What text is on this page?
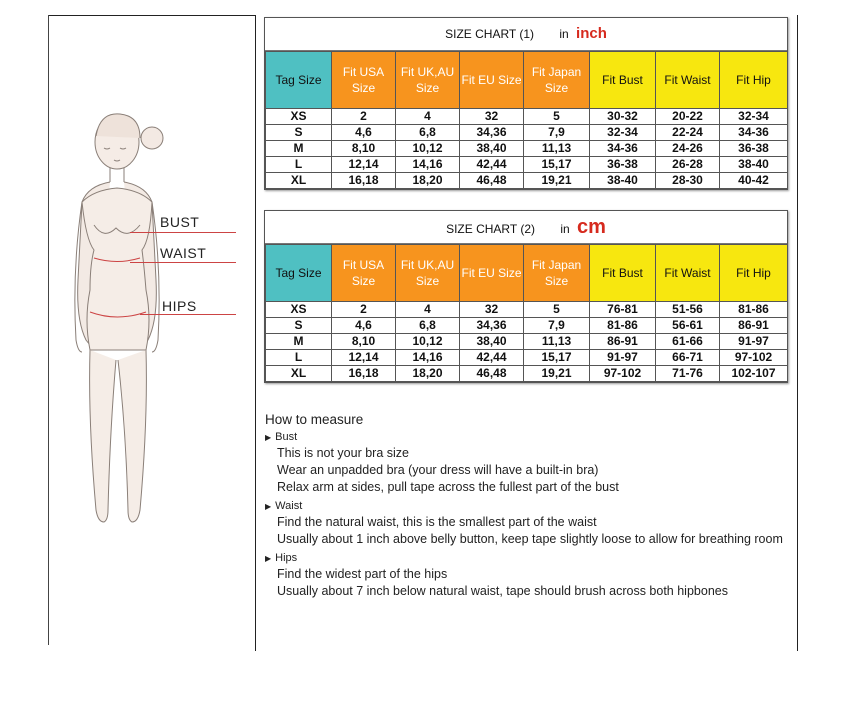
BUST
WAIST
HIPS
SIZE CHART (1) in inch
Tag Size	Fit USA Size	Fit UK,AU Size	Fit EU Size	Fit Japan Size	Fit Bust	Fit Waist	Fit Hip
XS	2	4	32	5	30-32	20-22	32-34
S	4,6	6,8	34,36	7,9	32-34	22-24	34-36
M	8,10	10,12	38,40	11,13	34-36	24-26	36-38
L	12,14	14,16	42,44	15,17	36-38	26-28	38-40
XL	16,18	18,20	46,48	19,21	38-40	28-30	40-42
SIZE CHART (2) in cm
Tag Size	Fit USA Size	Fit UK,AU Size	Fit EU Size	Fit Japan Size	Fit Bust	Fit Waist	Fit Hip
XS	2	4	32	5	76-81	51-56	81-86
S	4,6	6,8	34,36	7,9	81-86	56-61	86-91
M	8,10	10,12	38,40	11,13	86-91	61-66	91-97
L	12,14	14,16	42,44	15,17	91-97	66-71	97-102
XL	16,18	18,20	46,48	19,21	97-102	71-76	102-107
How to measure
▶ Bust
This is not your bra size
Wear an unpadded bra (your dress will have a built-in bra)
Relax arm at sides, pull tape across the fullest part of the bust
▶ Waist
Find the natural waist, this is the smallest part of the waist
Usually about 1 inch above belly button, keep tape slightly loose to allow for breathing room
▶ Hips
Find the widest part of the hips
Usually about 7 inch below natural waist, tape should brush across both hipbones
